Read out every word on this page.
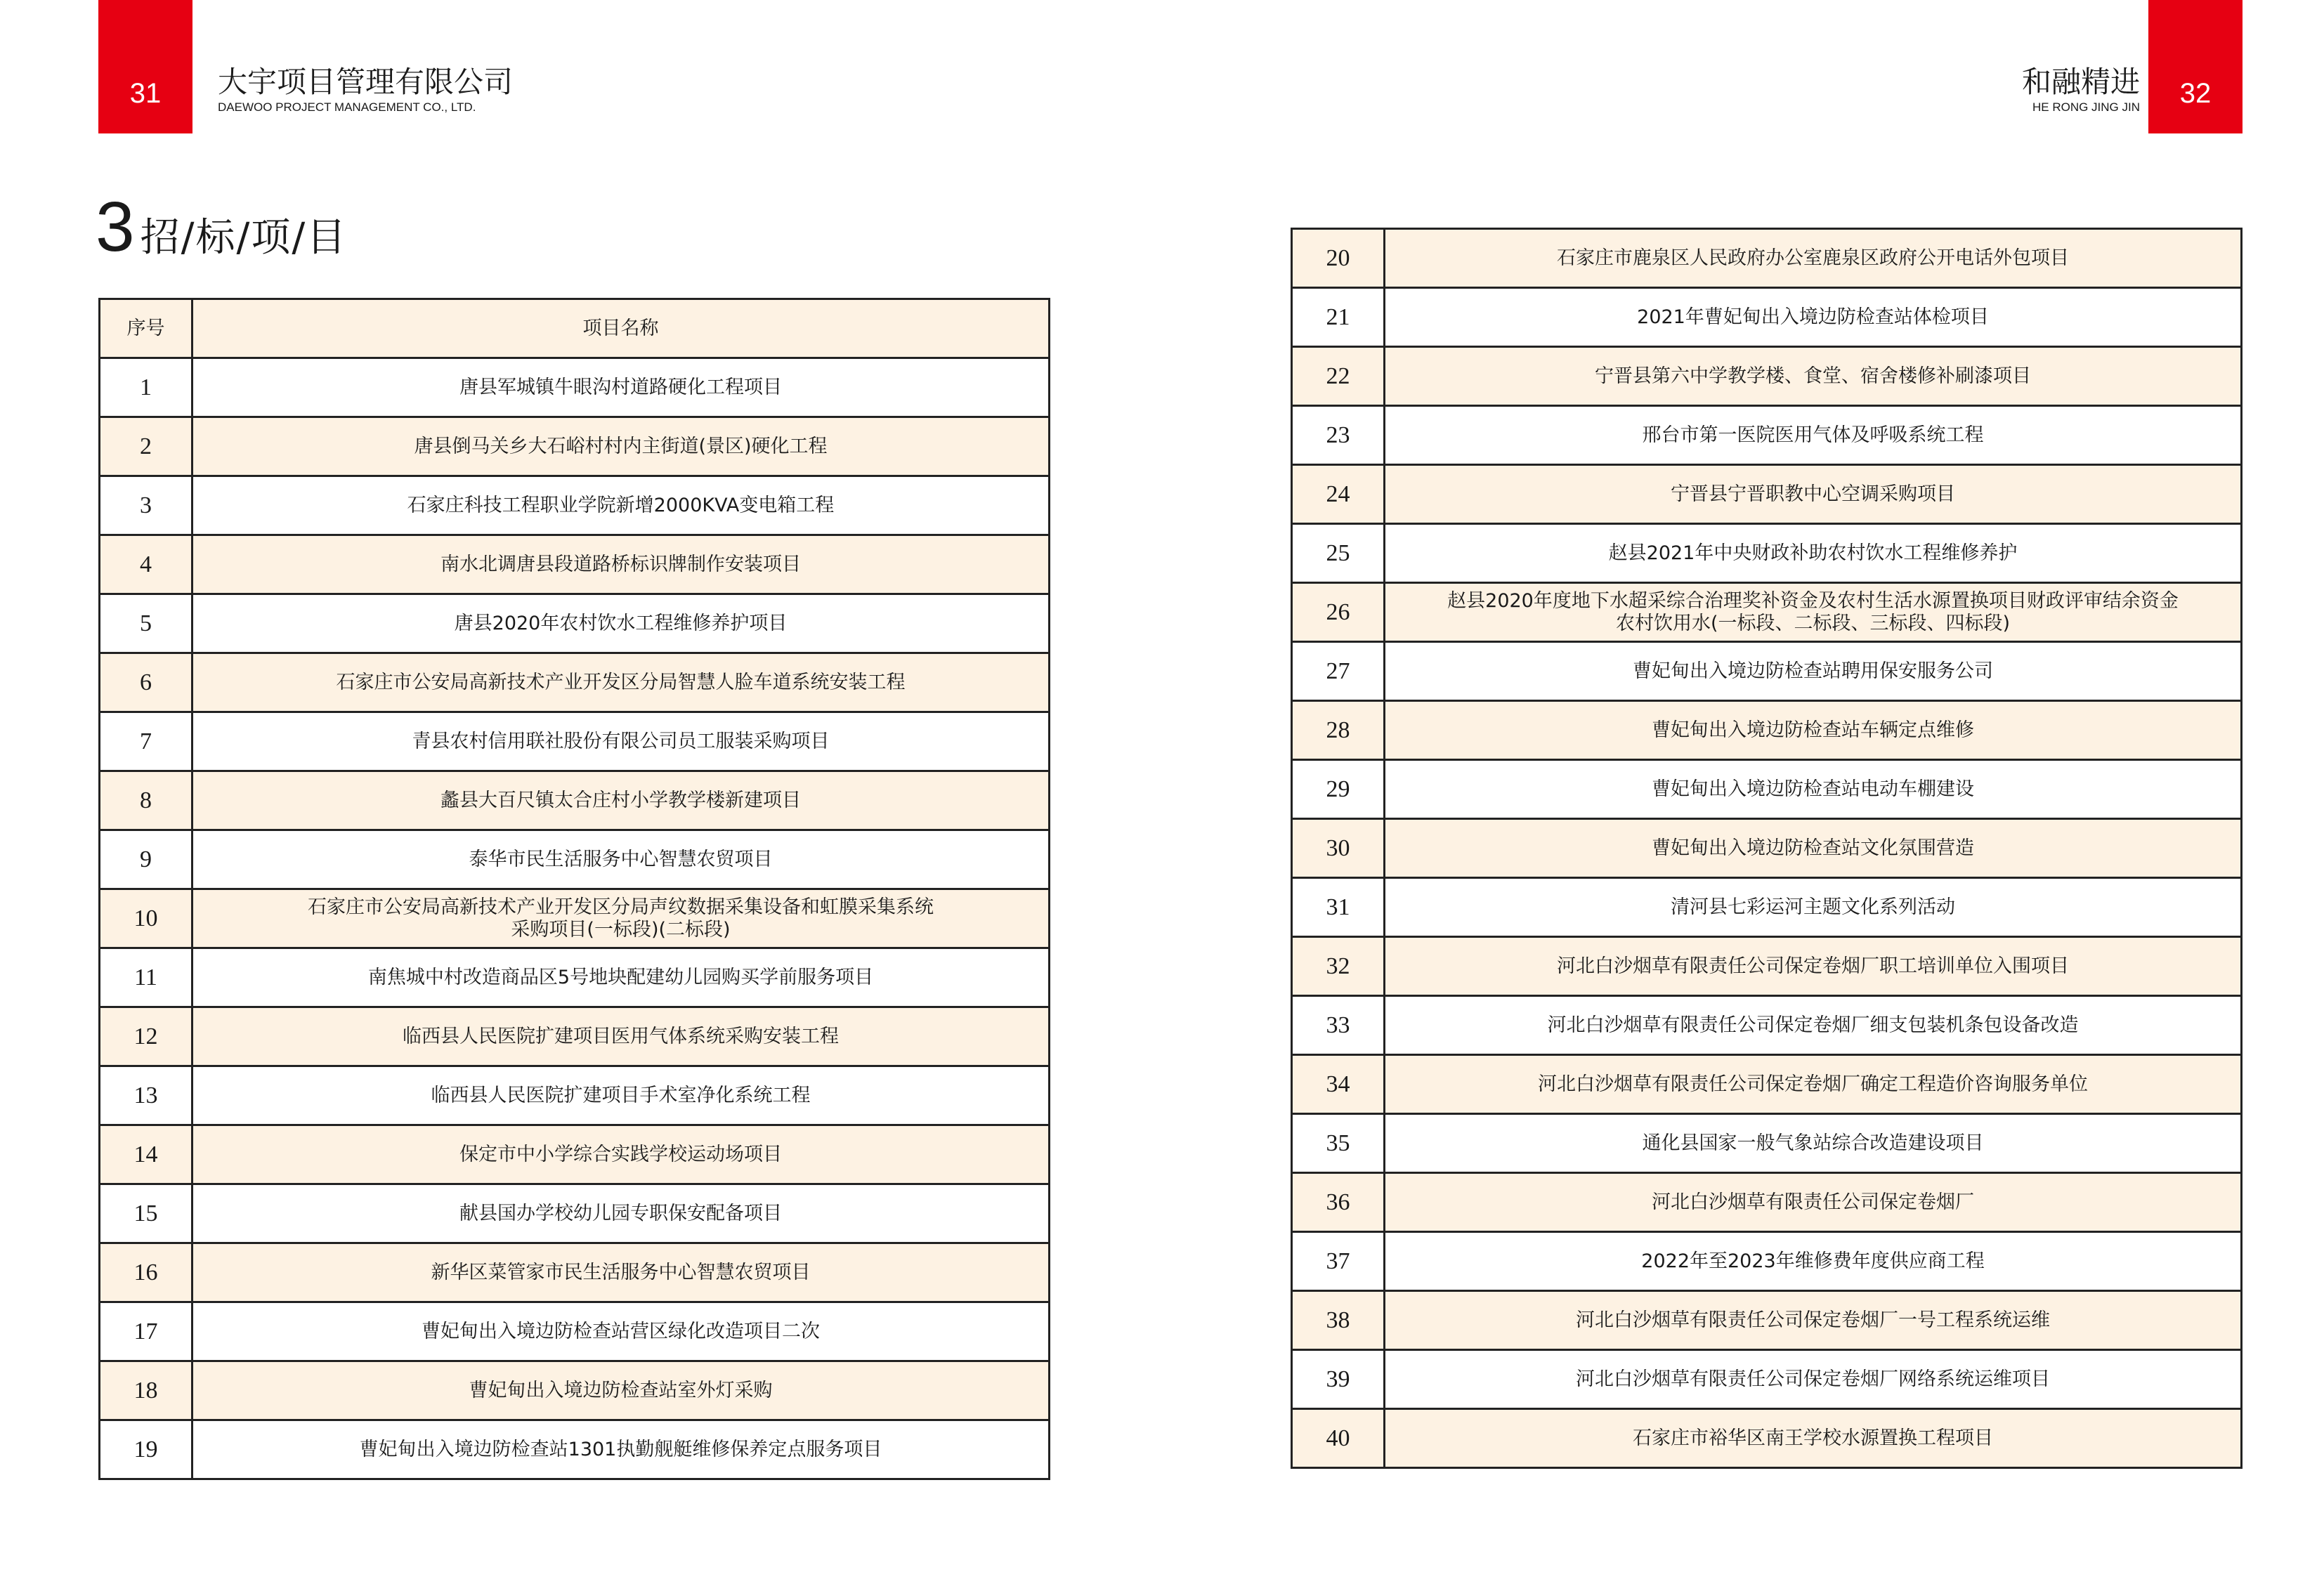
31 大宇项目管理有限公司
DAEWOO PROJECT MANAGEMENT CO., LTD.
和融精进
HE RONG JING JIN 32
3 招/标/项/目
序号	项目名称
1	唐县军城镇牛眼沟村道路硬化工程项目
2	唐县倒马关乡大石峪村村内主街道(景区)硬化工程
3	石家庄科技工程职业学院新增2000KVA变电箱工程
4	南水北调唐县段道路桥标识牌制作安装项目
5	唐县2020年农村饮水工程维修养护项目
6	石家庄市公安局高新技术产业开发区分局智慧人脸车道系统安装工程
7	青县农村信用联社股份有限公司员工服装采购项目
8	蠡县大百尺镇太合庄村小学教学楼新建项目
9	泰华市民生活服务中心智慧农贸项目
10	石家庄市公安局高新技术产业开发区分局声纹数据采集设备和虹膜采集系统
采购项目(一标段)(二标段)

11	南焦城中村改造商品区5号地块配建幼儿园购买学前服务项目
12	临西县人民医院扩建项目医用气体系统采购安装工程
13	临西县人民医院扩建项目手术室净化系统工程
14	保定市中小学综合实践学校运动场项目
15	献县国办学校幼儿园专职保安配备项目
16	新华区菜管家市民生活服务中心智慧农贸项目
17	曹妃甸出入境边防检查站营区绿化改造项目二次
18	曹妃甸出入境边防检查站室外灯采购
19	曹妃甸出入境边防检查站1301执勤舰艇维修保养定点服务项目
20	石家庄市鹿泉区人民政府办公室鹿泉区政府公开电话外包项目
21	2021年曹妃甸出入境边防检查站体检项目
22	宁晋县第六中学教学楼、食堂、宿舍楼修补刷漆项目
23	邢台市第一医院医用气体及呼吸系统工程
24	宁晋县宁晋职教中心空调采购项目
25	赵县2021年中央财政补助农村饮水工程维修养护
26	赵县2020年度地下水超采综合治理奖补资金及农村生活水源置换项目财政评审结余资金
农村饮用水(一标段、二标段、三标段、四标段)

27	曹妃甸出入境边防检查站聘用保安服务公司
28	曹妃甸出入境边防检查站车辆定点维修
29	曹妃甸出入境边防检查站电动车棚建设
30	曹妃甸出入境边防检查站文化氛围营造
31	清河县七彩运河主题文化系列活动
32	河北白沙烟草有限责任公司保定卷烟厂职工培训单位入围项目
33	河北白沙烟草有限责任公司保定卷烟厂细支包装机条包设备改造
34	河北白沙烟草有限责任公司保定卷烟厂确定工程造价咨询服务单位
35	通化县国家一般气象站综合改造建设项目
36	河北白沙烟草有限责任公司保定卷烟厂
37	2022年至2023年维修费年度供应商工程
38	河北白沙烟草有限责任公司保定卷烟厂一号工程系统运维
39	河北白沙烟草有限责任公司保定卷烟厂网络系统运维项目
40	石家庄市裕华区南王学校水源置换工程项目
